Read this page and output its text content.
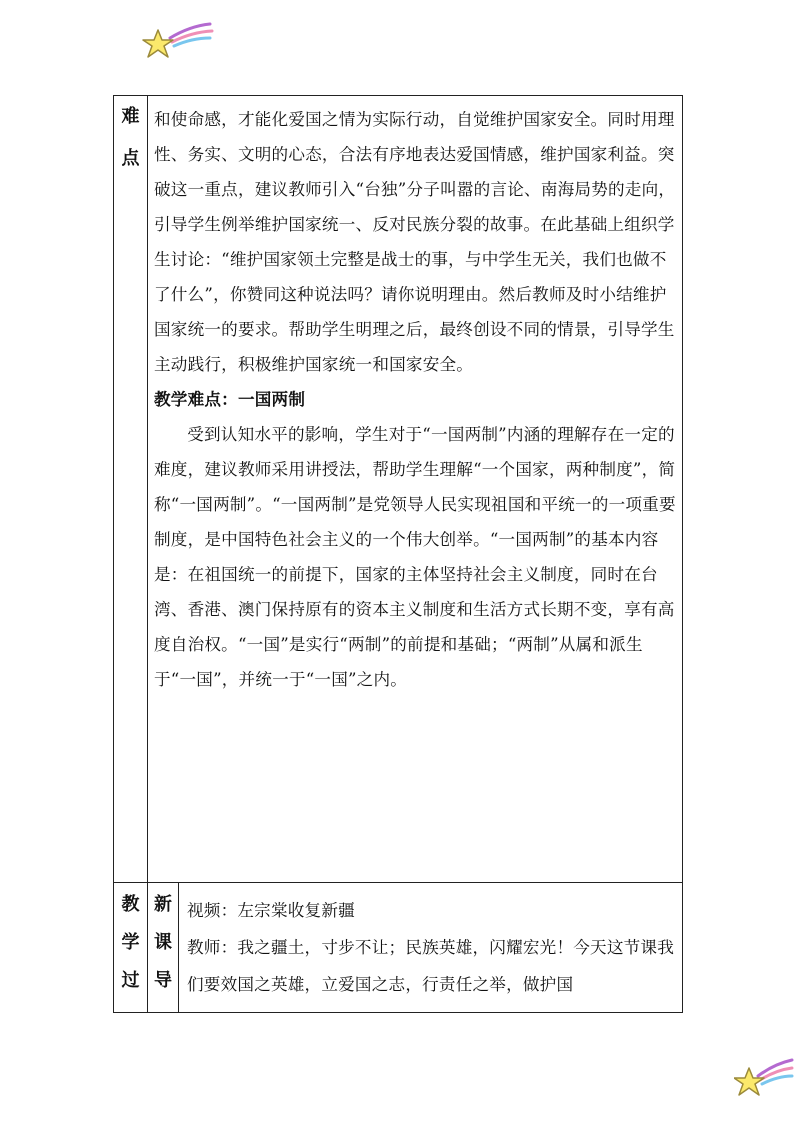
难
点

和使命感，才能化爱国之情为实际行动，自觉维护国家安全。同时用理性、务实、文明的心态，合法有序地表达爱国情感，维护国家利益。突破这一重点，建议教师引入“台独”分子叫嚣的言论、南海局势的走向，引导学生例举维护国家统一、反对民族分裂的故事。在此基础上组织学生讨论：“维护国家领土完整是战士的事，与中学生无关，我们也做不了什么”，你赞同这种说法吗？请你说明理由。然后教师及时小结维护国家统一的要求。帮助学生明理之后，最终创设不同的情景，引导学生主动践行，积极维护国家统一和国家安全。

教学难点：一国两制

受到认知水平的影响，学生对于“一国两制”内涵的理解存在一定的难度，建议教师采用讲授法，帮助学生理解“一个国家，两种制度”，简称“一国两制”。“一国两制”是党领导人民实现祖国和平统一的一项重要制度，是中国特色社会主义的一个伟大创举。“一国两制”的基本内容是：在祖国统一的前提下，国家的主体坚持社会主义制度，同时在台湾、香港、澳门保持原有的资本主义制度和生活方式长期不变，享有高度自治权。“一国”是实行“两制”的前提和基础；“两制”从属和派生于“一国”，并统一于“一国”之内。

教
学
过
新
课
导

视频：左宗棠收复新疆

教师：我之疆土，寸步不让；民族英雄，闪耀宏光！今天这节课我们要效国之英雄，立爱国之志，行责任之举，做护国
